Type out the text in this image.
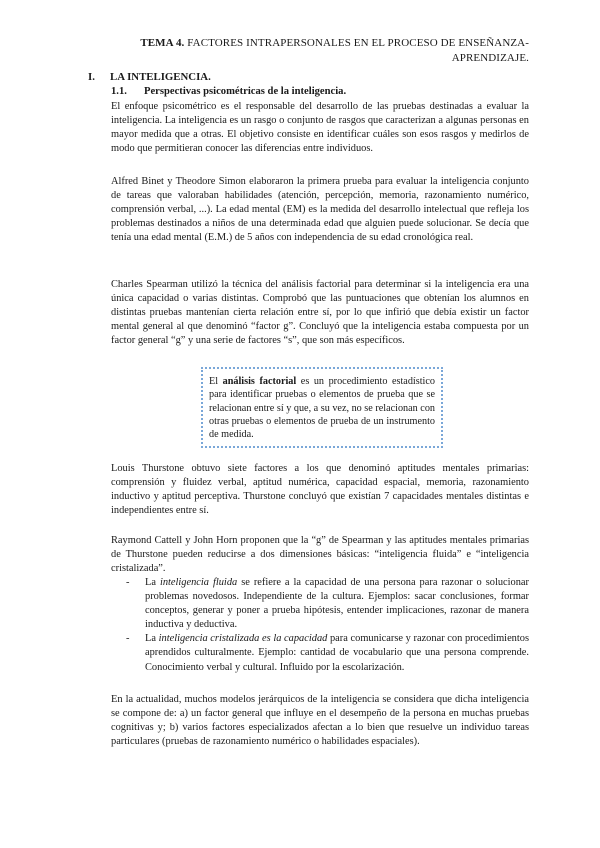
TEMA 4. FACTORES INTRAPERSONALES EN EL PROCESO DE ENSEÑANZA-APRENDIZAJE.
I. LA INTELIGENCIA.
1.1. Perspectivas psicométricas de la inteligencia.

El enfoque psicométrico es el responsable del desarrollo de las pruebas destinadas a evaluar la inteligencia. La inteligencia es un rasgo o conjunto de rasgos que caracterizan a algunas personas en mayor medida que a otras. El objetivo consiste en identificar cuáles son esos rasgos y medirlos de modo que permitieran conocer las diferencias entre individuos.

Alfred Binet y Theodore Simon elaboraron la primera prueba para evaluar la inteligencia conjunto de tareas que valoraban habilidades (atención, percepción, memoria, razonamiento numérico, comprensión verbal, ...). La edad mental (EM) es la medida del desarrollo intelectual que refleja los problemas destinados a niños de una determinada edad que alguien puede solucionar. Se decía que tenía una edad mental (E.M.) de 5 años con independencia de su edad cronológica real.

Charles Spearman utilizó la técnica del análisis factorial para determinar si la inteligencia era una única capacidad o varias distintas. Comprobó que las puntuaciones que obtenían los alumnos en distintas pruebas mantenían cierta relación entre sí, por lo que infirió que debía existir un factor mental general al que denominó “factor g”. Concluyó que la inteligencia estaba compuesta por un factor general “g” y una serie de factores “s”, que son más específicos.

El análisis factorial es un procedimiento estadístico para identificar pruebas o elementos de prueba que se relacionan entre sí y que, a su vez, no se relacionan con otras pruebas o elementos de prueba de un instrumento de medida.

Louis Thurstone obtuvo siete factores a los que denominó aptitudes mentales primarias: comprensión y fluidez verbal, aptitud numérica, capacidad espacial, memoria, razonamiento inductivo y aptitud perceptiva. Thurstone concluyó que existían 7 capacidades mentales distintas e independientes entre sí.

Raymond Cattell y John Horn proponen que la “g” de Spearman y las aptitudes mentales primarias de Thurstone pueden reducirse a dos dimensiones básicas: “inteligencia fluida” e “inteligencia cristalizada”.

- La inteligencia fluida se refiere a la capacidad de una persona para razonar o solucionar problemas novedosos. Independiente de la cultura. Ejemplos: sacar conclusiones, formar conceptos, generar y poner a prueba hipótesis, entender implicaciones, razonar de manera inductiva y deductiva.
- La inteligencia cristalizada es la capacidad para comunicarse y razonar con procedimientos aprendidos culturalmente. Ejemplo: cantidad de vocabulario que una persona comprende. Conocimiento verbal y cultural. Influido por la escolarización.

En la actualidad, muchos modelos jerárquicos de la inteligencia se considera que dicha inteligencia se compone de: a) un factor general que influye en el desempeño de la persona en muchas pruebas cognitivas y; b) varios factores especializados afectan a lo bien que resuelve un individuo tareas particulares (pruebas de razonamiento numérico o habilidades espaciales).
